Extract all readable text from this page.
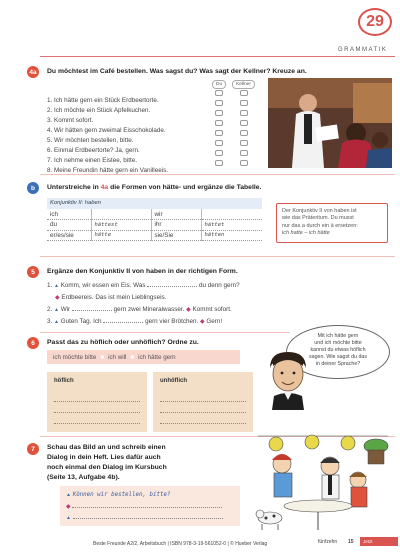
29
GRAMMATIK
4a	Du möchtest im Café bestellen. Was sagst du? Was sagt der Kellner? Kreuze an.
Du	Kellner
1. Ich hätte gern ein Stück Erdbeertorte.
2. Ich möchte ein Stück Apfelkuchen.
3. Kommt sofort.
4. Wir hätten gern zweimal Eisschokolade.
5. Wir möchten bestellen, bitte.
6. Einmal Erdbeertorte? Ja, gern.
7. Ich nehme einen Eistee, bitte.
8. Meine Freundin hätte gern ein Vanilleeis.
b	Unterstreiche in 4a die Formen von hätte- und ergänze die Tabelle.
Konjunktiv II: haben
ich		wir	
du	hättest	ihr	hättet
er/es/sie	hätte	sie/Sie	hätten
Der Konjunktiv II von haben ist
wie das Präteritum. Du musst
nur das a durch ein ä ersetzen:
ich hatte – ich hätte
5	Ergänze den Konjunktiv II von haben in der richtigen Form.
1. ▲ Komm, wir essen ein Eis. Was	du denn gern?
◆ Erdbeereis. Das ist mein Lieblingseis.
2. ▲ Wir	gern zwei Mineralwasser. ◆ Kommt sofort.
3. ▲ Guten Tag. Ich	gern vier Brötchen. ◆ Gern!
Mit ich hätte gern
und ich möchte bitte
kannst du etwas höflich
sagen. Wie sagst du das
in deiner Sprache?
6	Passt das zu höflich oder unhöflich? Ordne zu.
ich möchte bitte ■ ich will ■ ich hätte gern
höflich	unhöflich
7	Schau das Bild an und schreib einen
Dialog in dein Heft. Lies dafür auch
noch einmal den Dialog im Kursbuch
(Seite 13, Aufgabe 4b).
▲ Können wir bestellen, bitte?
◆
▲
Beste Freunde A2/2, Arbeitsbuch | ISBN 978-3-19-561052-0 | © Hueber Verlag	fünfzehn 15	Jetzt
